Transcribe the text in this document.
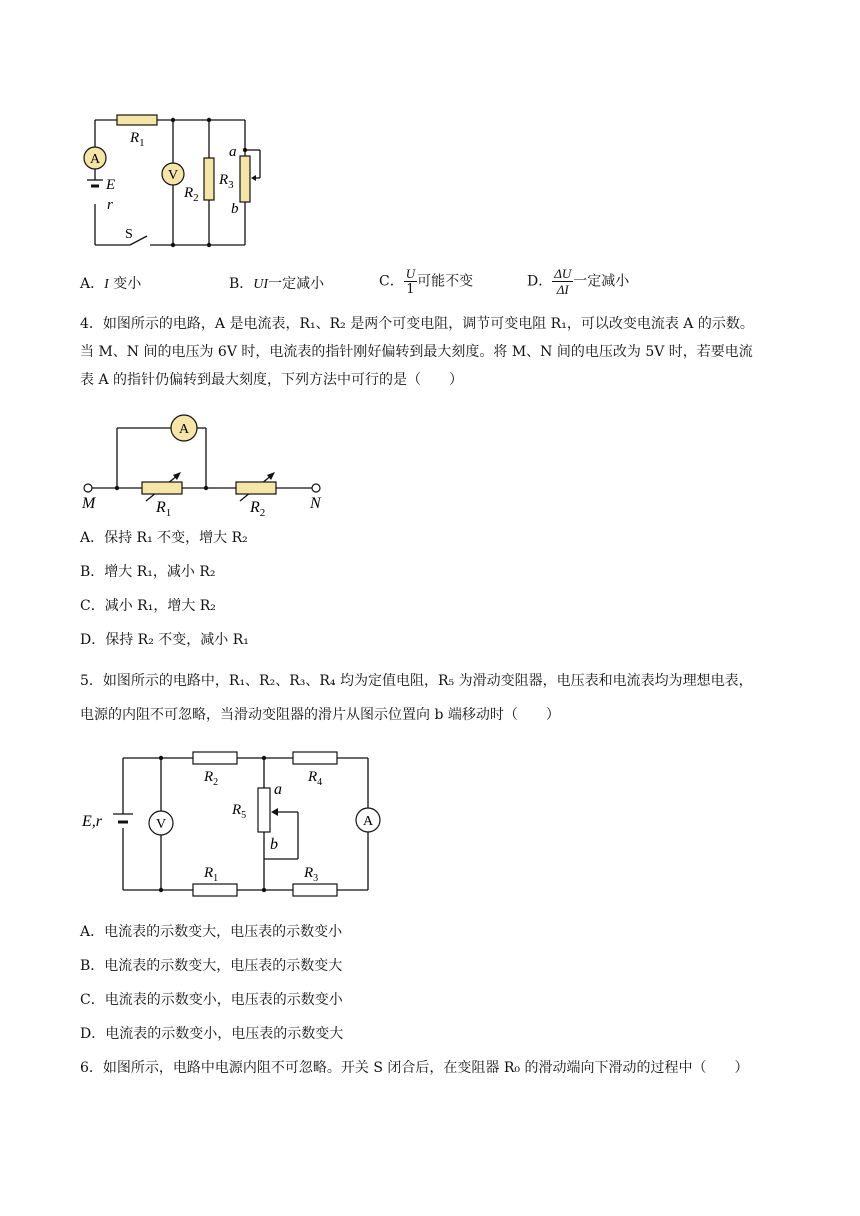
A
V
$R_1$
E
r
$R_2$
$R_3$
a
b
S
A．I 变小	B．UI一定减小	C． $\frac{U}{1}$ 可能不变	D． $\frac{\Delta U}{\Delta I}$ 一定减小
4．如图所示的电路，A 是电流表，R₁、R₂ 是两个可变电阻，调节可变电阻 R₁，可以改变电流表 A 的示数。
当 M、N 间的电压为 6V 时，电流表的指针刚好偏转到最大刻度。将 M、N 间的电压改为 5V 时，若要电流
表 A 的指针仍偏转到最大刻度，下列方法中可行的是（　　）
A
M	N
$R_1$	$R_2$
A．保持 R₁ 不变，增大 R₂
B．增大 R₁，减小 R₂
C．减小 R₁，增大 R₂
D．保持 R₂ 不变，减小 R₁
5．如图所示的电路中，R₁、R₂、R₃、R₄ 均为定值电阻，R₅ 为滑动变阻器，电压表和电流表均为理想电表，
电源的内阻不可忽略，当滑动变阻器的滑片从图示位置向 b 端移动时（　　）
V	A
E,r
$R_2$	$R_4$
$R_1$	$R_3$
$R_5$
a
b
A．电流表的示数变大，电压表的示数变小
B．电流表的示数变大，电压表的示数变大
C．电流表的示数变小，电压表的示数变小
D．电流表的示数变小，电压表的示数变大
6．如图所示，电路中电源内阻不可忽略。开关 S 闭合后，在变阻器 R₀ 的滑动端向下滑动的过程中（　　）
